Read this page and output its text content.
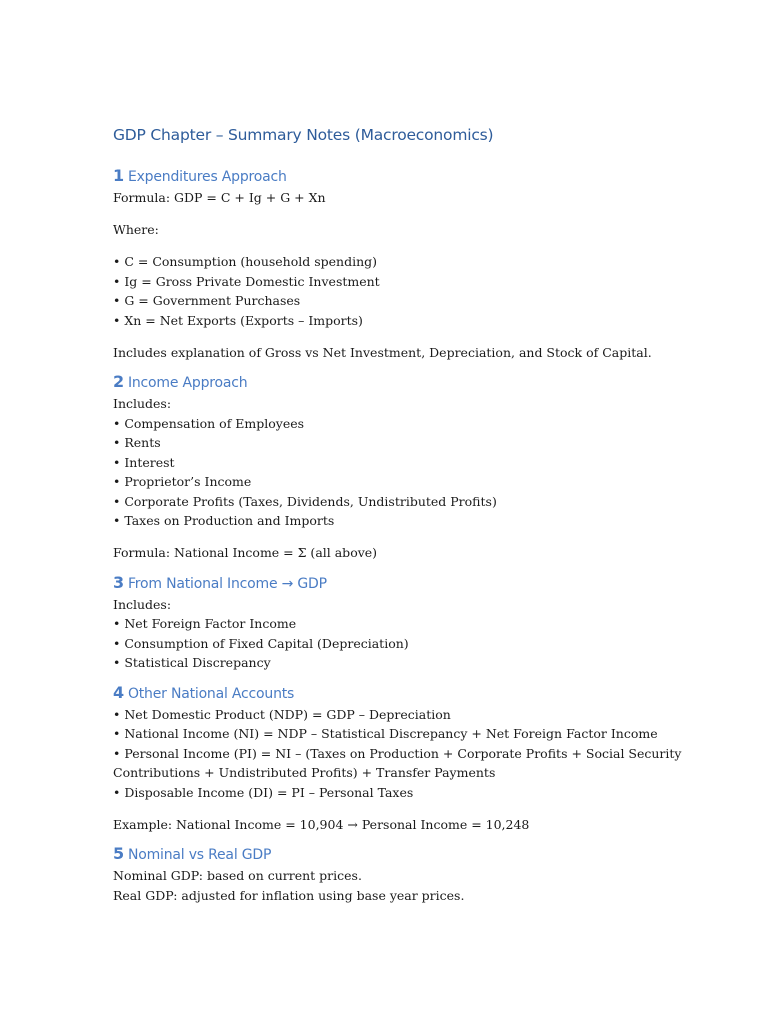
GDP Chapter – Summary Notes (Macroeconomics)
1 Expenditures Approach
Formula: GDP = C + Ig + G + Xn
Where:
• C = Consumption (household spending)
• Ig = Gross Private Domestic Investment
• G = Government Purchases
• Xn = Net Exports (Exports – Imports)
Includes explanation of Gross vs Net Investment, Depreciation, and Stock of Capital.
2 Income Approach
Includes:
• Compensation of Employees
• Rents
• Interest
• Proprietor’s Income
• Corporate Profits (Taxes, Dividends, Undistributed Profits)
• Taxes on Production and Imports
Formula: National Income = Σ (all above)
3 From National Income → GDP
Includes:
• Net Foreign Factor Income
• Consumption of Fixed Capital (Depreciation)
• Statistical Discrepancy
4 Other National Accounts
• Net Domestic Product (NDP) = GDP – Depreciation
• National Income (NI) = NDP – Statistical Discrepancy + Net Foreign Factor Income
• Personal Income (PI) = NI – (Taxes on Production + Corporate Profits + Social Security
Contributions + Undistributed Profits) + Transfer Payments
• Disposable Income (DI) = PI – Personal Taxes
Example: National Income = 10,904 → Personal Income = 10,248
5 Nominal vs Real GDP
Nominal GDP: based on current prices.
Real GDP: adjusted for inflation using base year prices.
